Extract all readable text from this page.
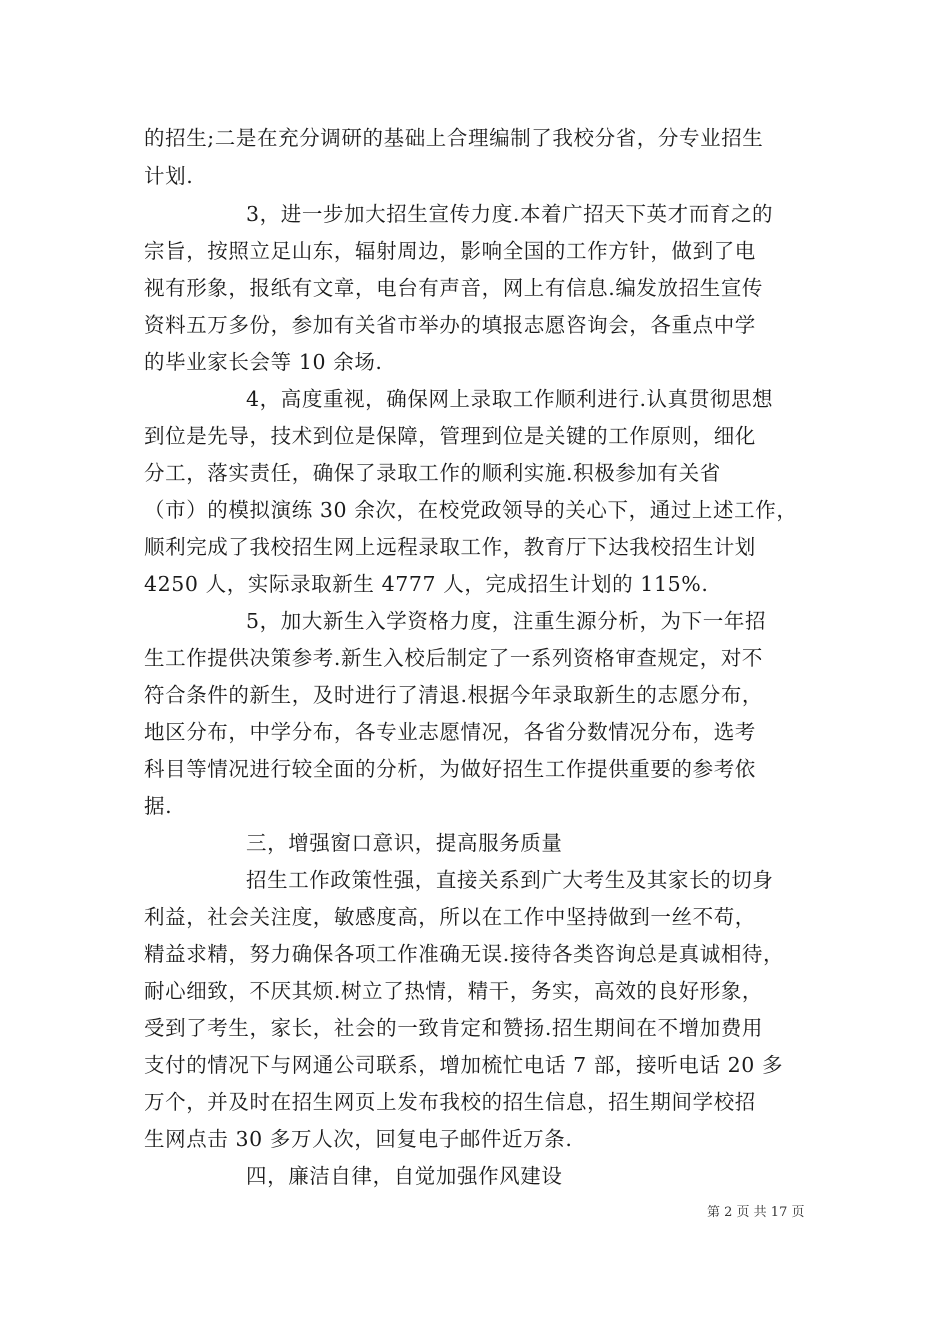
的招生;二是在充分调研的基础上合理编制了我校分省，分专业招生
计划.
3，进一步加大招生宣传力度.本着广招天下英才而育之的
宗旨，按照立足山东，辐射周边，影响全国的工作方针，做到了电
视有形象，报纸有文章，电台有声音，网上有信息.编发放招生宣传
资料五万多份，参加有关省市举办的填报志愿咨询会，各重点中学
的毕业家长会等 10 余场.
4，高度重视，确保网上录取工作顺利进行.认真贯彻思想
到位是先导，技术到位是保障，管理到位是关键的工作原则，细化
分工，落实责任，确保了录取工作的顺利实施.积极参加有关省
（市）的模拟演练 30 余次，在校党政领导的关心下，通过上述工作，
顺利完成了我校招生网上远程录取工作，教育厅下达我校招生计划
4250 人，实际录取新生 4777 人，完成招生计划的 115%.
5，加大新生入学资格力度，注重生源分析，为下一年招
生工作提供决策参考.新生入校后制定了一系列资格审查规定，对不
符合条件的新生，及时进行了清退.根据今年录取新生的志愿分布，
地区分布，中学分布，各专业志愿情况，各省分数情况分布，选考
科目等情况进行较全面的分析，为做好招生工作提供重要的参考依
据.
三，增强窗口意识，提高服务质量
招生工作政策性强，直接关系到广大考生及其家长的切身
利益，社会关注度，敏感度高，所以在工作中坚持做到一丝不苟，
精益求精，努力确保各项工作准确无误.接待各类咨询总是真诚相待，
耐心细致，不厌其烦.树立了热情，精干，务实，高效的良好形象，
受到了考生，家长，社会的一致肯定和赞扬.招生期间在不增加费用
支付的情况下与网通公司联系，增加梳忙电话 7 部，接听电话 20 多
万个，并及时在招生网页上发布我校的招生信息，招生期间学校招
生网点击 30 多万人次，回复电子邮件近万条.
四，廉洁自律，自觉加强作风建设
第 2 页 共 17 页
